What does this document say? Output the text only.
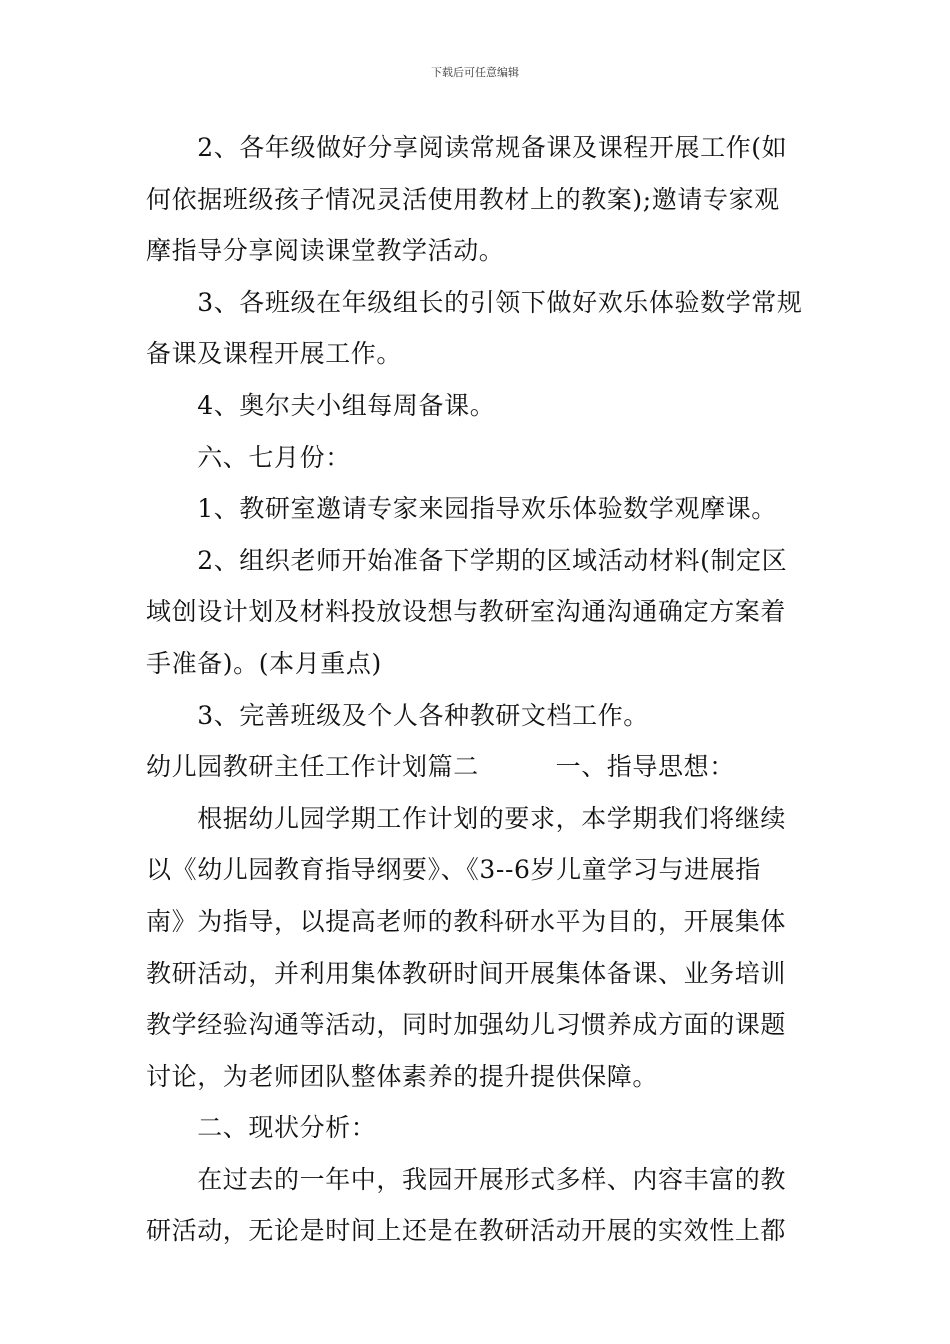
下载后可任意编辑

　　2、各年级做好分享阅读常规备课及课程开展工作(如

何依据班级孩子情况灵活使用教材上的教案);邀请专家观

摩指导分享阅读课堂教学活动。

　　3、各班级在年级组长的引领下做好欢乐体验数学常规

备课及课程开展工作。

　　4、奥尔夫小组每周备课。

　　六、七月份：

　　1、教研室邀请专家来园指导欢乐体验数学观摩课。

　　2、组织老师开始准备下学期的区域活动材料(制定区

域创设计划及材料投放设想与教研室沟通沟通确定方案着

手准备)。(本月重点)

　　3、完善班级及个人各种教研文档工作。

幼儿园教研主任工作计划篇二　　　一、指导思想：

　　根据幼儿园学期工作计划的要求，本学期我们将继续

以《幼儿园教育指导纲要》、《3--6岁儿童学习与进展指

南》为指导，以提高老师的教科研水平为目的，开展集体

教研活动，并利用集体教研时间开展集体备课、业务培训

教学经验沟通等活动，同时加强幼儿习惯养成方面的课题

讨论，为老师团队整体素养的提升提供保障。

　　二、现状分析：

　　在过去的一年中，我园开展形式多样、内容丰富的教

研活动，无论是时间上还是在教研活动开展的实效性上都
